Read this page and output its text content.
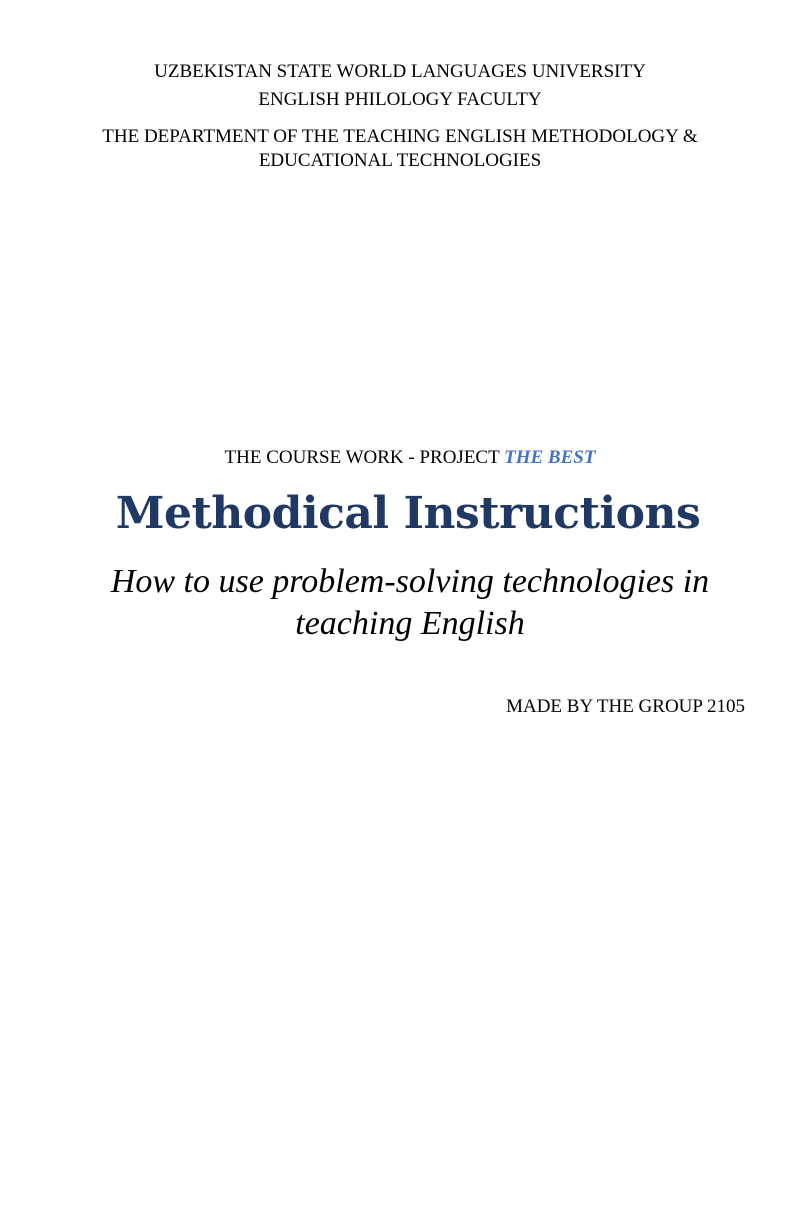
UZBEKISTAN STATE WORLD LANGUAGES UNIVERSITY
ENGLISH PHILOLOGY FACULTY
THE DEPARTMENT OF THE TEACHING ENGLISH METHODOLOGY &
EDUCATIONAL TECHNOLOGIES
THE COURSE WORK - PROJECT THE BEST
Methodical Instructions
How to use problem-solving technologies in teaching English
MADE BY THE GROUP 2105
